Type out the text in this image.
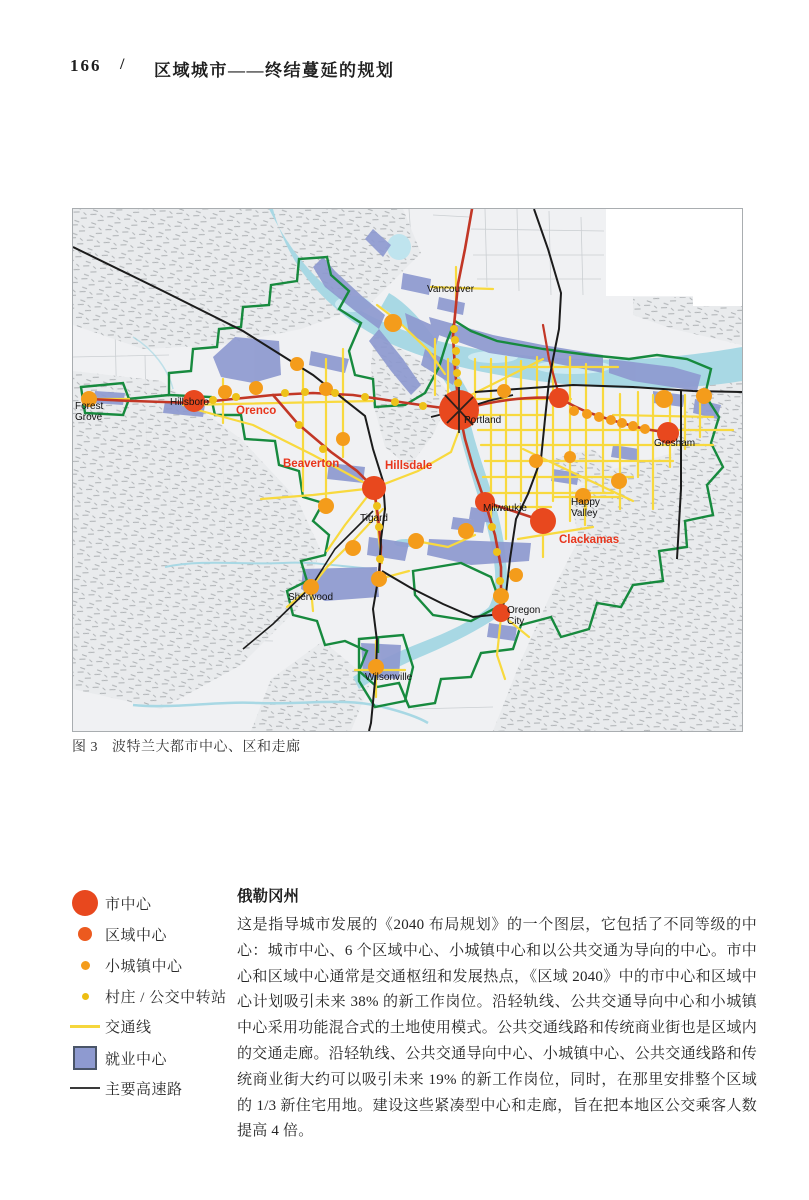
166 / 区域城市——终结蔓延的规划
Vancouver
Forest
Grove
Hillsboro
Orenco
Beaverton	Hillsdale
Portland
Gresham
Tigard
Milwaukie
Happy
Valley
Clackamas
Sherwood
Oregon
City
Wilsonville
图 3 波特兰大都市中心、区和走廊
市中心
区域中心
小城镇中心
村庄 / 公交中转站
交通线
就业中心
主要高速路
俄勒冈州

这是指导城市发展的《2040 布局规划》的一个图层，它包括了不同等级的中心：城市中心、6 个区域中心、小城镇中心和以公共交通为导向的中心。市中心和区域中心通常是交通枢纽和发展热点，《区域 2040》中的市中心和区域中心计划吸引未来 38% 的新工作岗位。沿轻轨线、公共交通导向中心和小城镇中心采用功能混合式的土地使用模式。公共交通线路和传统商业街也是区域内的交通走廊。沿轻轨线、公共交通导向中心、小城镇中心、公共交通线路和传统商业街大约可以吸引未来 19% 的新工作岗位，同时，在那里安排整个区域的 1/3 新住宅用地。建设这些紧凑型中心和走廊，旨在把本地区公交乘客人数提高 4 倍。
